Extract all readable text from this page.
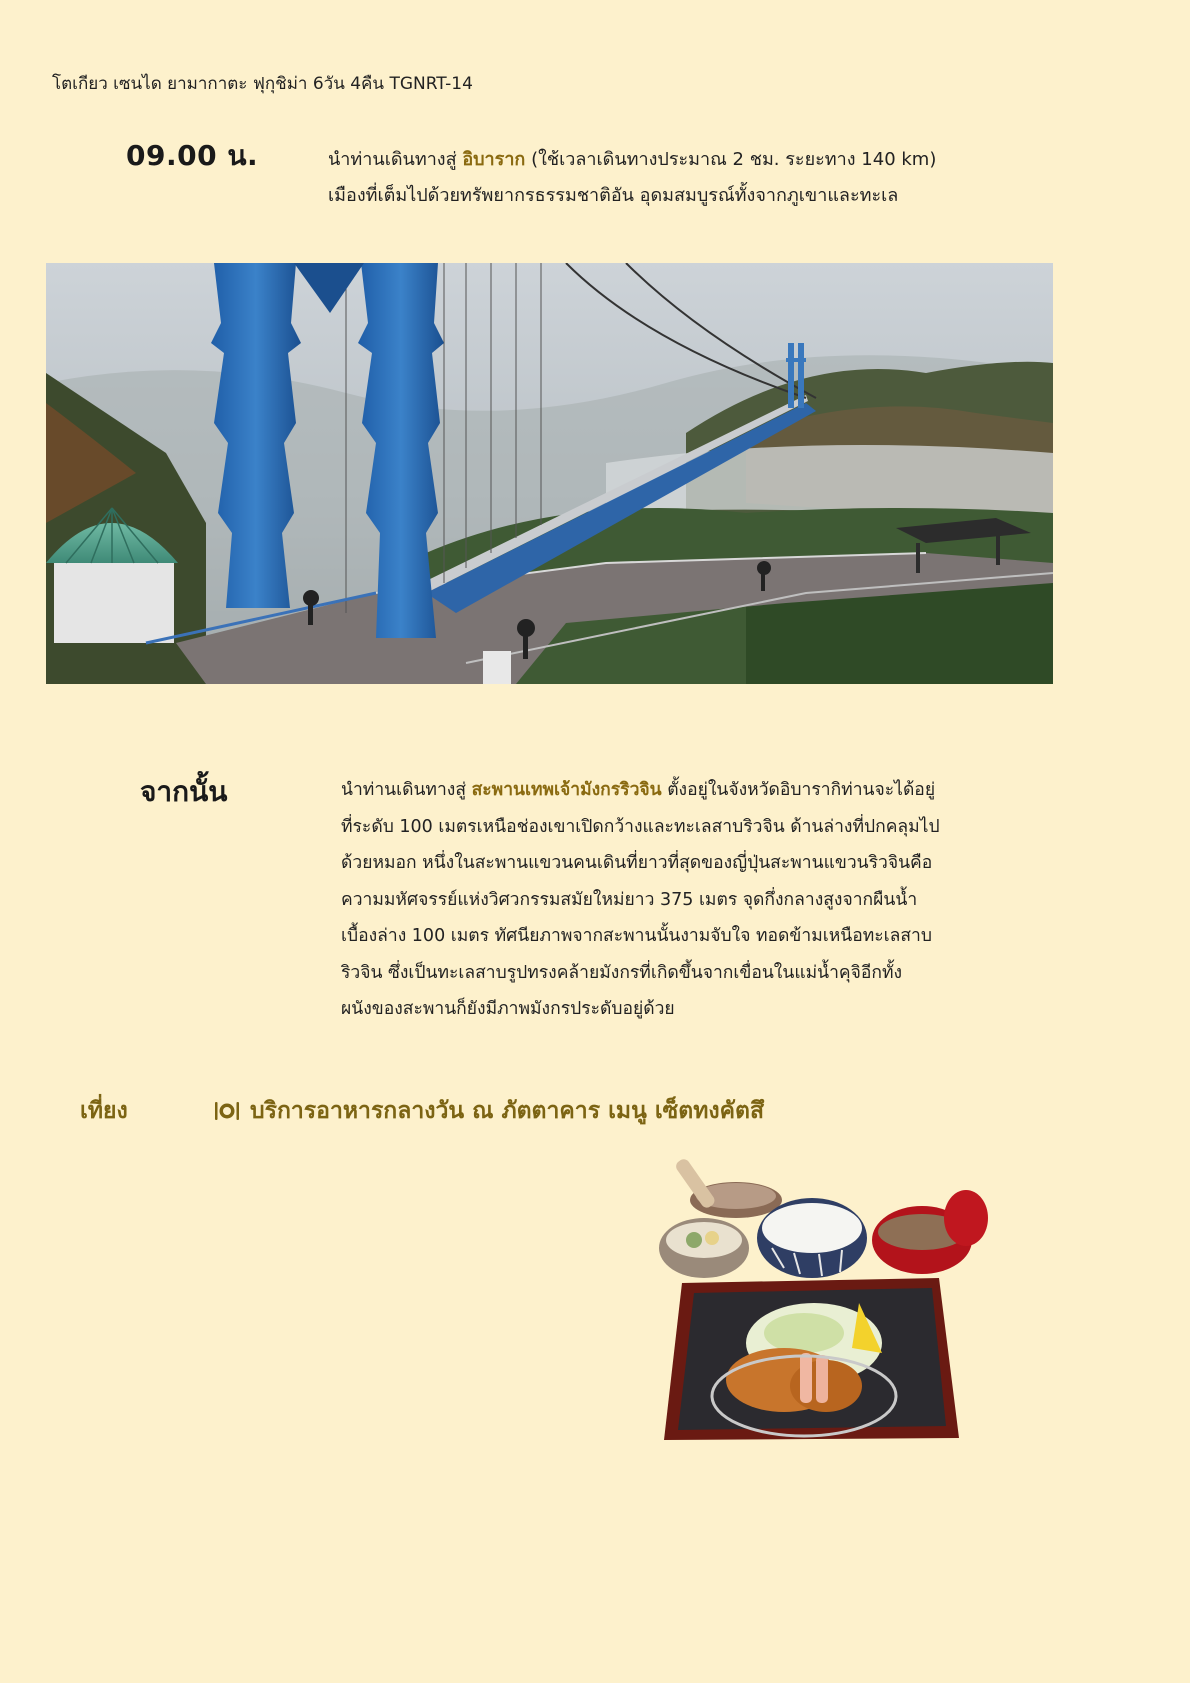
โตเกียว เซนได ยามากาตะ ฟุกุชิม่า 6วัน 4คืน TGNRT-14
09.00 น.	นำท่านเดินทางสู่ อิบาราก (ใช้เวลาเดินทางประมาณ 2 ชม. ระยะทาง 140 km)
เมืองที่เต็มไปด้วยทรัพยากรธรรมชาติอัน อุดมสมบูรณ์ทั้งจากภูเขาและทะเล
จากนั้น	นำท่านเดินทางสู่ สะพานเทพเจ้ามังกรริวจิน ตั้งอยู่ในจังหวัดอิบารากิท่านจะได้อยู่
ที่ระดับ 100 เมตรเหนือช่องเขาเปิดกว้างและทะเลสาบริวจิน ด้านล่างที่ปกคลุมไป
ด้วยหมอก หนึ่งในสะพานแขวนคนเดินที่ยาวที่สุดของญี่ปุ่นสะพานแขวนริวจินคือ
ความมหัศจรรย์แห่งวิศวกรรมสมัยใหม่ยาว 375 เมตร จุดกึ่งกลางสูงจากผืนน้ำ
เบื้องล่าง 100 เมตร ทัศนียภาพจากสะพานนั้นงามจับใจ ทอดข้ามเหนือทะเลสาบ
ริวจิน ซึ่งเป็นทะเลสาบรูปทรงคล้ายมังกรที่เกิดขึ้นจากเขื่อนในแม่น้ำคุจิอีกทั้ง
ผนังของสะพานก็ยังมีภาพมังกรประดับอยู่ด้วย
เที่ยง	บริการอาหารกลางวัน ณ ภัตตาคาร เมนู เซ็ตทงคัตสึ
